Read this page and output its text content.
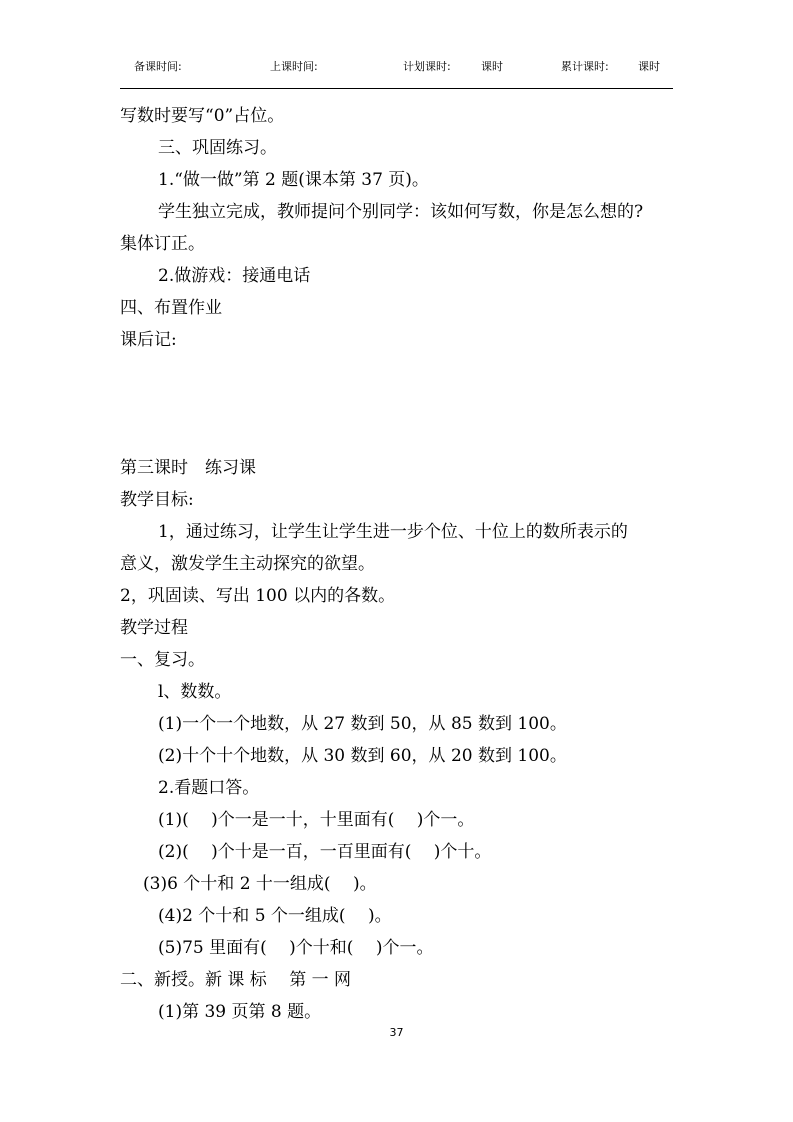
备课时间:	上课时间:	计划课时:	课时	累计课时:	课时
写数时要写“0”占位。
三、巩固练习。
1.“做一做”第 2 题(课本第 37 页)。
学生独立完成，教师提问个别同学：该如何写数，你是怎么想的?
集体订正。
2.做游戏：接通电话
四、布置作业
课后记:
第三课时　练习课
教学目标:
1，通过练习，让学生让学生进一步个位、十位上的数所表示的
意义，激发学生主动探究的欲望。
2，巩固读、写出 100 以内的各数。
教学过程
一、复习。
l、数数。
(1)一个一个地数，从 27 数到 50，从 85 数到 100。
(2)十个十个地数，从 30 数到 60，从 20 数到 100。
2.看题口答。
(1)(　 )个一是一十，十里面有(　 )个一。
(2)(　 )个十是一百，一百里面有(　 )个十。
(3)6 个十和 2 十一组成(　 )。
(4)2 个十和 5 个一组成(　 )。
(5)75 里面有(　 )个十和(　 )个一。
二、新授。新 课 标　 第 一 网
(1)第 39 页第 8 题。
37
